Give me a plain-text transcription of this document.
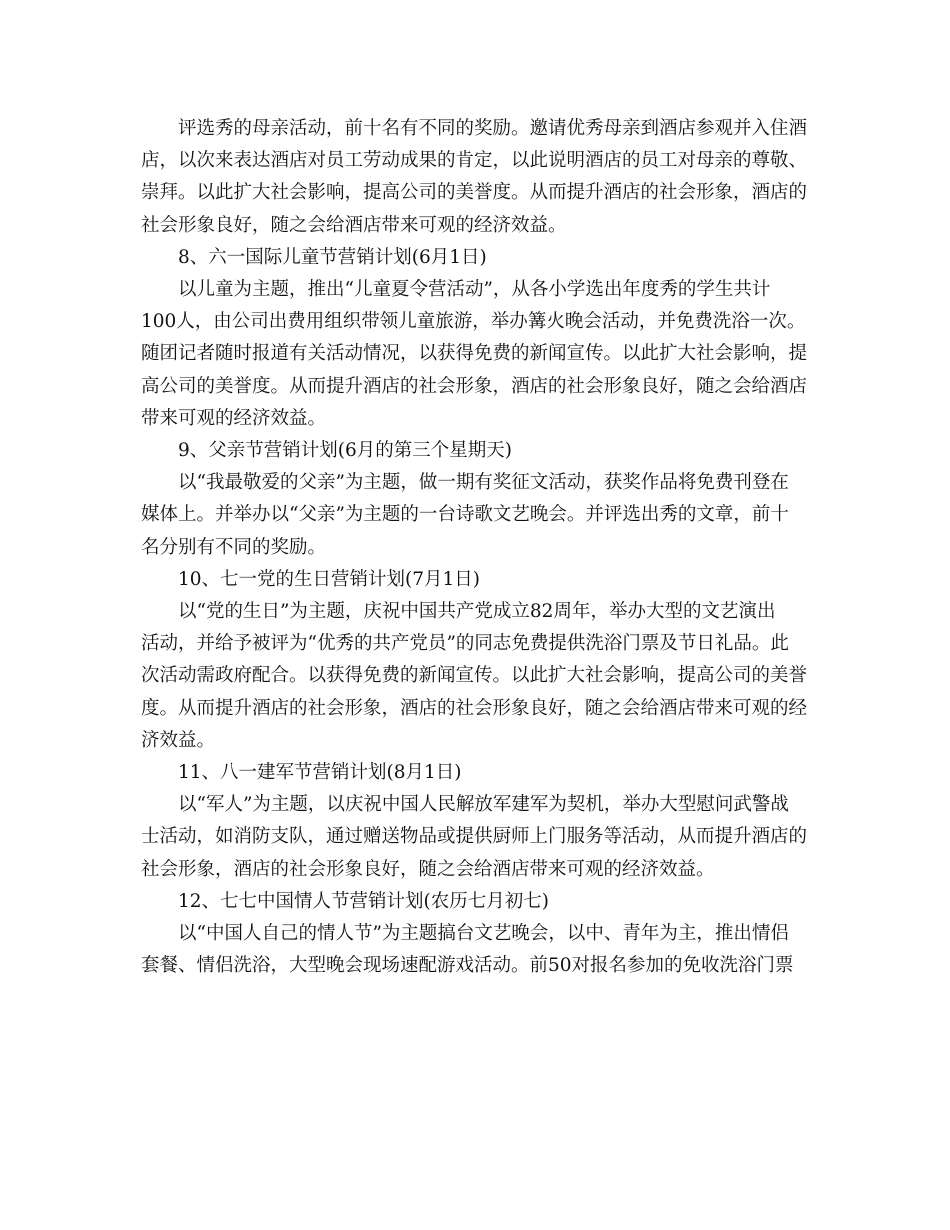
评选秀的母亲活动，前十名有不同的奖励。邀请优秀母亲到酒店参观并入住酒
店，以次来表达酒店对员工劳动成果的肯定，以此说明酒店的员工对母亲的尊敬、
崇拜。以此扩大社会影响，提高公司的美誉度。从而提升酒店的社会形象，酒店的
社会形象良好，随之会给酒店带来可观的经济效益。
8、六一国际儿童节营销计划(6月1日)
以儿童为主题，推出“儿童夏令营活动”，从各小学选出年度秀的学生共计
100人，由公司出费用组织带领儿童旅游，举办篝火晚会活动，并免费洗浴一次。
随团记者随时报道有关活动情况，以获得免费的新闻宣传。以此扩大社会影响，提
高公司的美誉度。从而提升酒店的社会形象，酒店的社会形象良好，随之会给酒店
带来可观的经济效益。
9、父亲节营销计划(6月的第三个星期天)
以“我最敬爱的父亲”为主题，做一期有奖征文活动，获奖作品将免费刊登在
媒体上。并举办以“父亲”为主题的一台诗歌文艺晚会。并评选出秀的文章，前十
名分别有不同的奖励。
10、七一党的生日营销计划(7月1日)
以“党的生日”为主题，庆祝中国共产党成立82周年，举办大型的文艺演出
活动，并给予被评为“优秀的共产党员”的同志免费提供洗浴门票及节日礼品。此
次活动需政府配合。以获得免费的新闻宣传。以此扩大社会影响，提高公司的美誉
度。从而提升酒店的社会形象，酒店的社会形象良好，随之会给酒店带来可观的经
济效益。
11、八一建军节营销计划(8月1日)
以“军人”为主题，以庆祝中国人民解放军建军为契机，举办大型慰问武警战
士活动，如消防支队，通过赠送物品或提供厨师上门服务等活动，从而提升酒店的
社会形象，酒店的社会形象良好，随之会给酒店带来可观的经济效益。
12、七七中国情人节营销计划(农历七月初七)
以“中国人自己的情人节”为主题搞台文艺晚会，以中、青年为主，推出情侣
套餐、情侣洗浴，大型晚会现场速配游戏活动。前50对报名参加的免收洗浴门票
